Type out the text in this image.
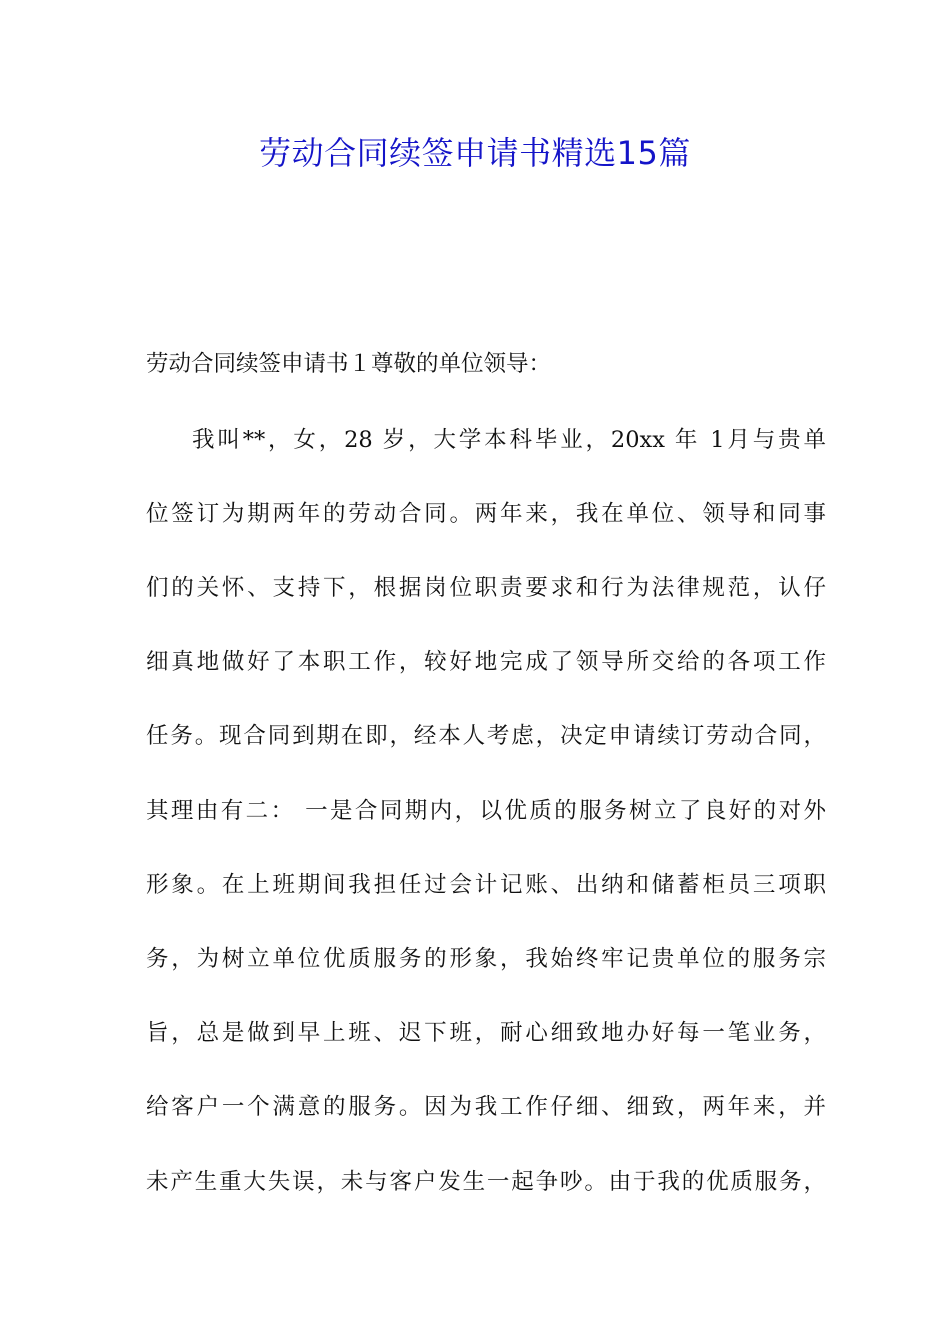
劳动合同续签申请书精选15篇
劳动合同续签申请书１尊敬的单位领导：
我叫**，女，28 岁，大学本科毕业，20xx 年 1月与贵单
位签订为期两年的劳动合同。两年来，我在单位、领导和同事
们的关怀、支持下，根据岗位职责要求和行为法律规范，认仔
细真地做好了本职工作，较好地完成了领导所交给的各项工作
任务。现合同到期在即，经本人考虑，决定申请续订劳动合同，
其理由有二： 一是合同期内，以优质的服务树立了良好的对外
形象。在上班期间我担任过会计记账、出纳和储蓄柜员三项职
务，为树立单位优质服务的形象，我始终牢记贵单位的服务宗
旨，总是做到早上班、迟下班，耐心细致地办好每一笔业务，
给客户一个满意的服务。因为我工作仔细、细致，两年来，并
未产生重大失误，未与客户发生一起争吵。由于我的优质服务，
